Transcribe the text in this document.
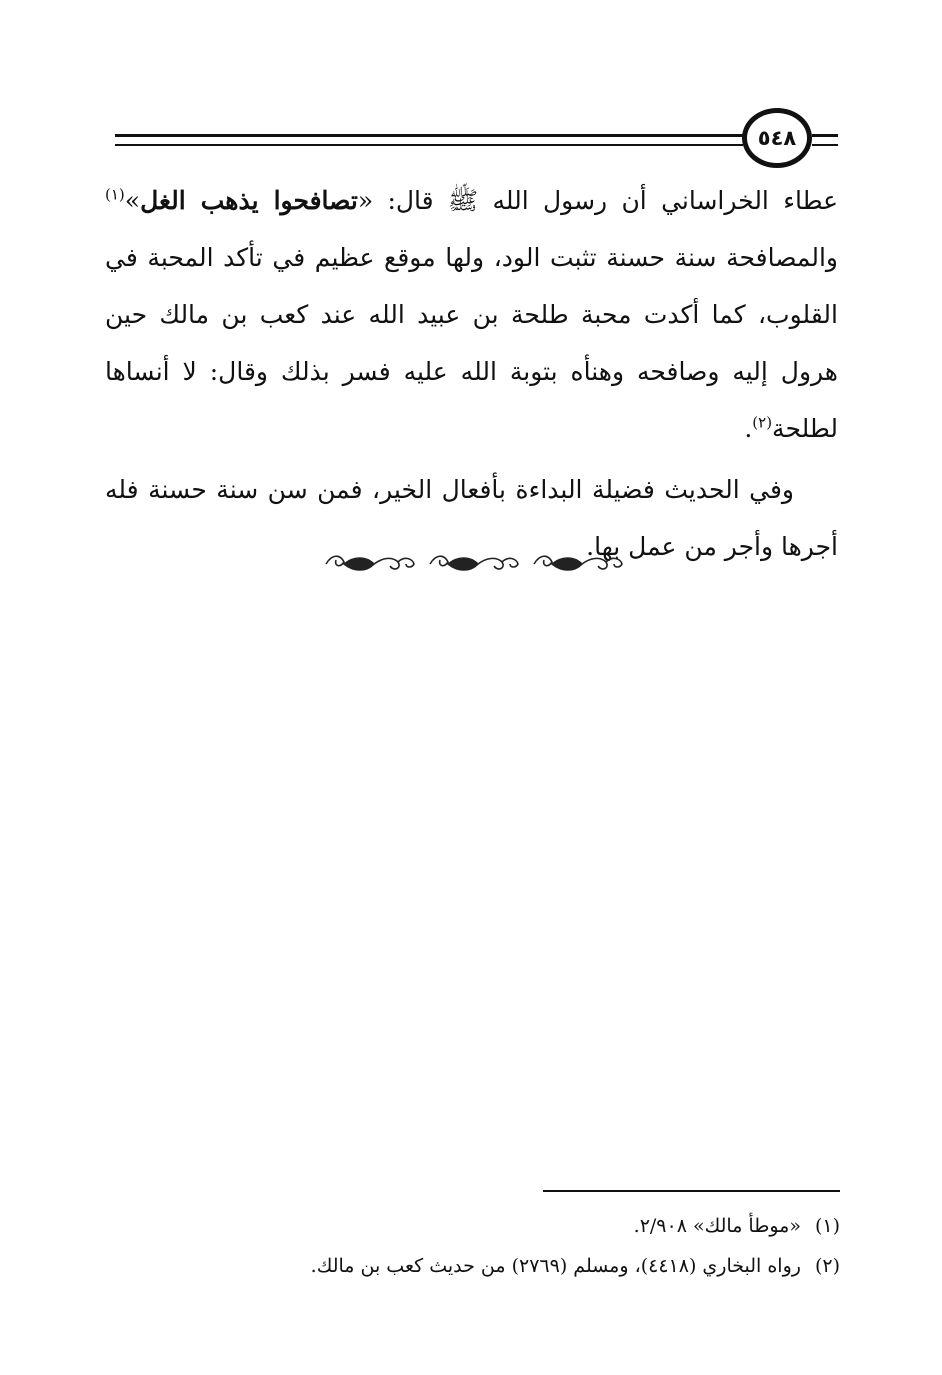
٥٤٨

عطاء الخراساني أن رسول الله ﷺ قال: «تصافحوا يذهب الغل»$^{(١)}$ والمصافحة سنة حسنة تثبت الود، ولها موقع عظيم في تأكد المحبة في القلوب، كما أكدت محبة طلحة بن عبيد الله عند كعب بن مالك حين هرول إليه وصافحه وهنأه بتوبة الله عليه فسر بذلك وقال: لا أنساها لطلحة$^{(٢)}$.

وفي الحديث فضيلة البداءة بأفعال الخير، فمن سن سنة حسنة فله أجرها وأجر من عمل بها.

(١)«موطأ مالك» ٢/٩٠٨.

(٢)رواه البخاري (٤٤١٨)، ومسلم (٢٧٦٩) من حديث كعب بن مالك.
